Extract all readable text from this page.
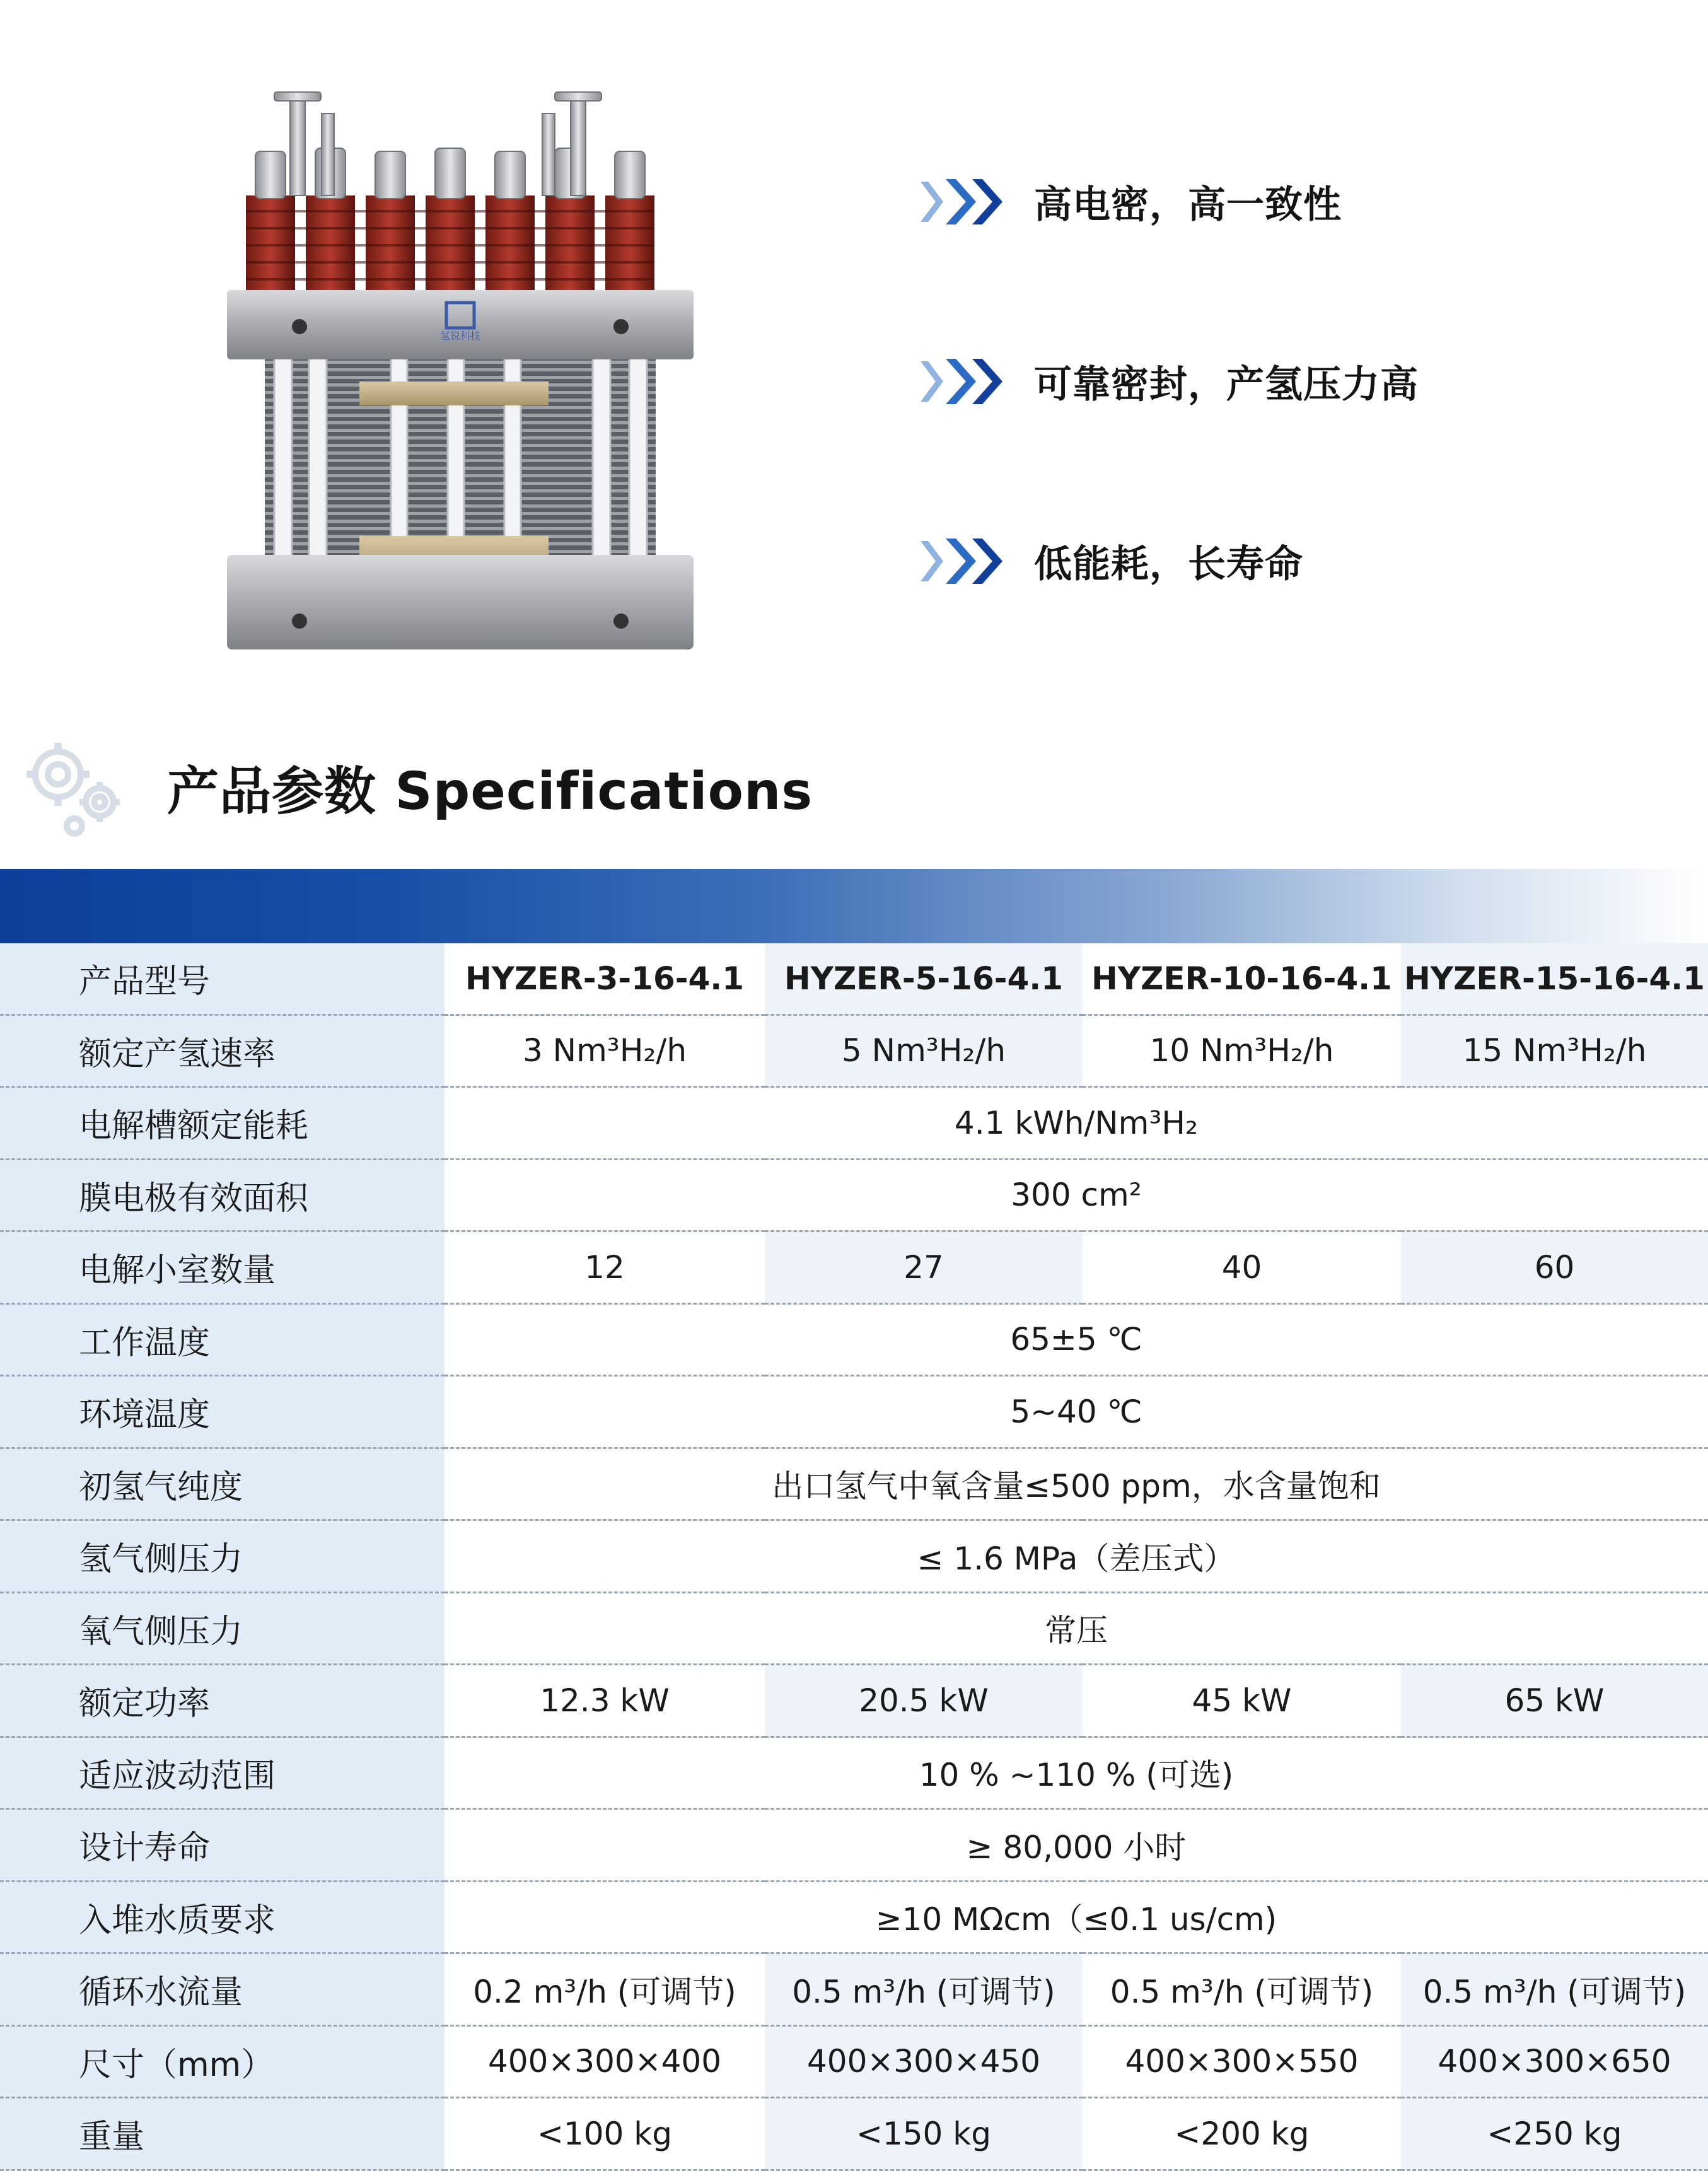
氢锐科技
高电密，高一致性
可靠密封，产氢压力高
低能耗，长寿命
产品参数 Specifications
产品型号	HYZER-3-16-4.1	HYZER-5-16-4.1	HYZER-10-16-4.1	HYZER-15-16-4.1
额定产氢速率	3 Nm³H₂/h	5 Nm³H₂/h	10 Nm³H₂/h	15 Nm³H₂/h
电解槽额定能耗	4.1 kWh/Nm³H₂			
膜电极有效面积	300 cm²			
电解小室数量	12	27	40	60
工作温度	65±5 ℃			
环境温度	5~40 ℃			
初氢气纯度	出口氢气中氧含量≤500 ppm，水含量饱和			
氢气侧压力	≤ 1.6 MPa（差压式）			
氧气侧压力	常压			
额定功率	12.3 kW	20.5 kW	45 kW	65 kW
适应波动范围	10 % ~110 % (可选)			
设计寿命	≥ 80,000 小时			
入堆水质要求	≥10 MΩcm（≤0.1 us/cm)			
循环水流量	0.2 m³/h (可调节)	0.5 m³/h (可调节)	0.5 m³/h (可调节)	0.5 m³/h (可调节)
尺寸（mm）	400×300×400	400×300×450	400×300×550	400×300×650
重量	<100 kg	<150 kg	<200 kg	<250 kg
